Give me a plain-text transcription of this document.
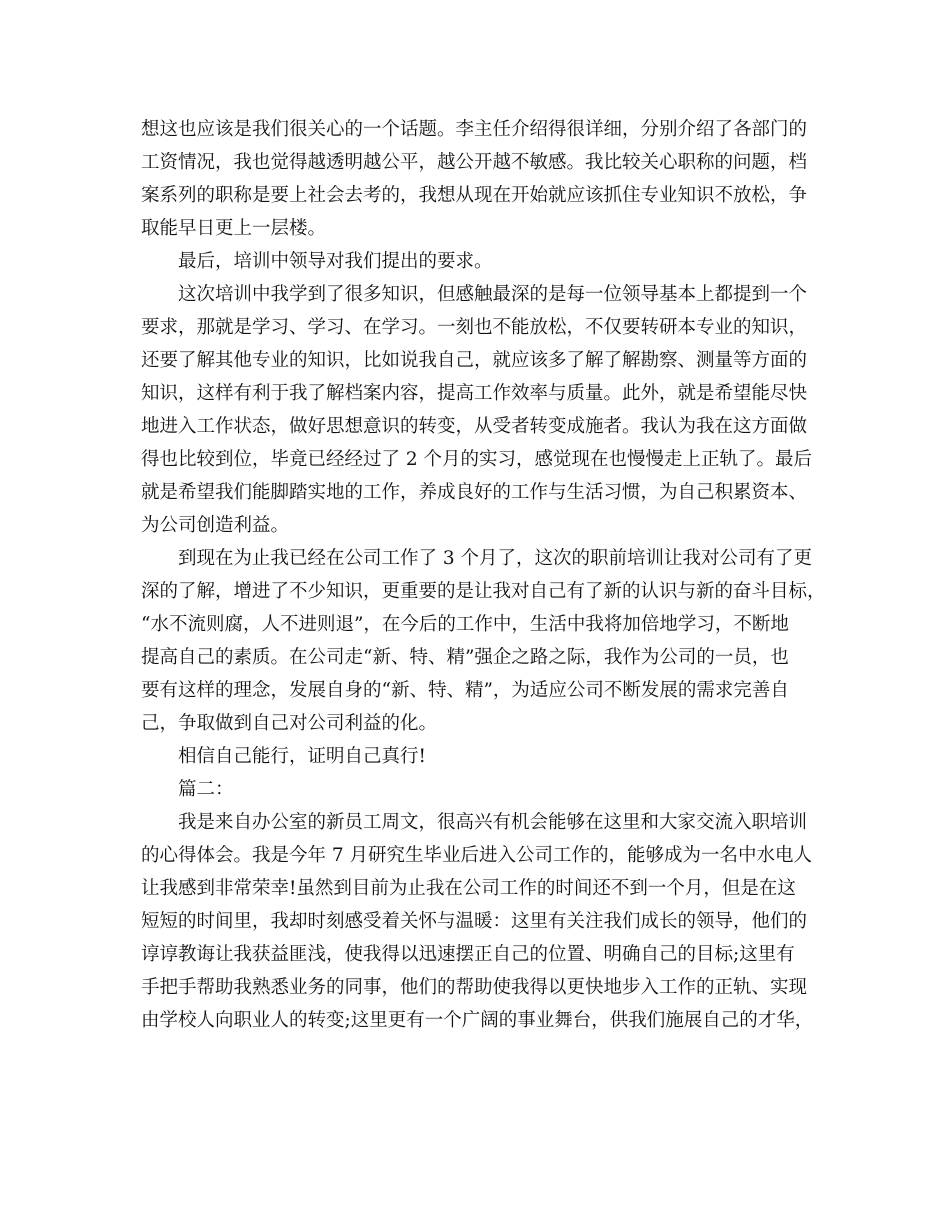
想这也应该是我们很关心的一个话题。李主任介绍得很详细，分别介绍了各部门的
工资情况，我也觉得越透明越公平，越公开越不敏感。我比较关心职称的问题，档
案系列的职称是要上社会去考的，我想从现在开始就应该抓住专业知识不放松，争
取能早日更上一层楼。
最后，培训中领导对我们提出的要求。
这次培训中我学到了很多知识，但感触最深的是每一位领导基本上都提到一个
要求，那就是学习、学习、在学习。一刻也不能放松，不仅要转研本专业的知识，
还要了解其他专业的知识，比如说我自己，就应该多了解了解勘察、测量等方面的
知识，这样有利于我了解档案内容，提高工作效率与质量。此外，就是希望能尽快
地进入工作状态，做好思想意识的转变，从受者转变成施者。我认为我在这方面做
得也比较到位，毕竟已经经过了 2 个月的实习，感觉现在也慢慢走上正轨了。最后
就是希望我们能脚踏实地的工作，养成良好的工作与生活习惯，为自己积累资本、
为公司创造利益。
到现在为止我已经在公司工作了 3 个月了，这次的职前培训让我对公司有了更
深的了解，增进了不少知识，更重要的是让我对自己有了新的认识与新的奋斗目标，
“水不流则腐，人不进则退”，在今后的工作中，生活中我将加倍地学习，不断地
提高自己的素质。在公司走“新、特、精”强企之路之际，我作为公司的一员，也
要有这样的理念，发展自身的“新、特、精”，为适应公司不断发展的需求完善自
己，争取做到自己对公司利益的化。
相信自己能行，证明自己真行!
篇二：
我是来自办公室的新员工周文，很高兴有机会能够在这里和大家交流入职培训
的心得体会。我是今年 7 月研究生毕业后进入公司工作的，能够成为一名中水电人
让我感到非常荣幸!虽然到目前为止我在公司工作的时间还不到一个月，但是在这
短短的时间里，我却时刻感受着关怀与温暖：这里有关注我们成长的领导，他们的
谆谆教诲让我获益匪浅，使我得以迅速摆正自己的位置、明确自己的目标;这里有
手把手帮助我熟悉业务的同事，他们的帮助使我得以更快地步入工作的正轨、实现
由学校人向职业人的转变;这里更有一个广阔的事业舞台，供我们施展自己的才华，
